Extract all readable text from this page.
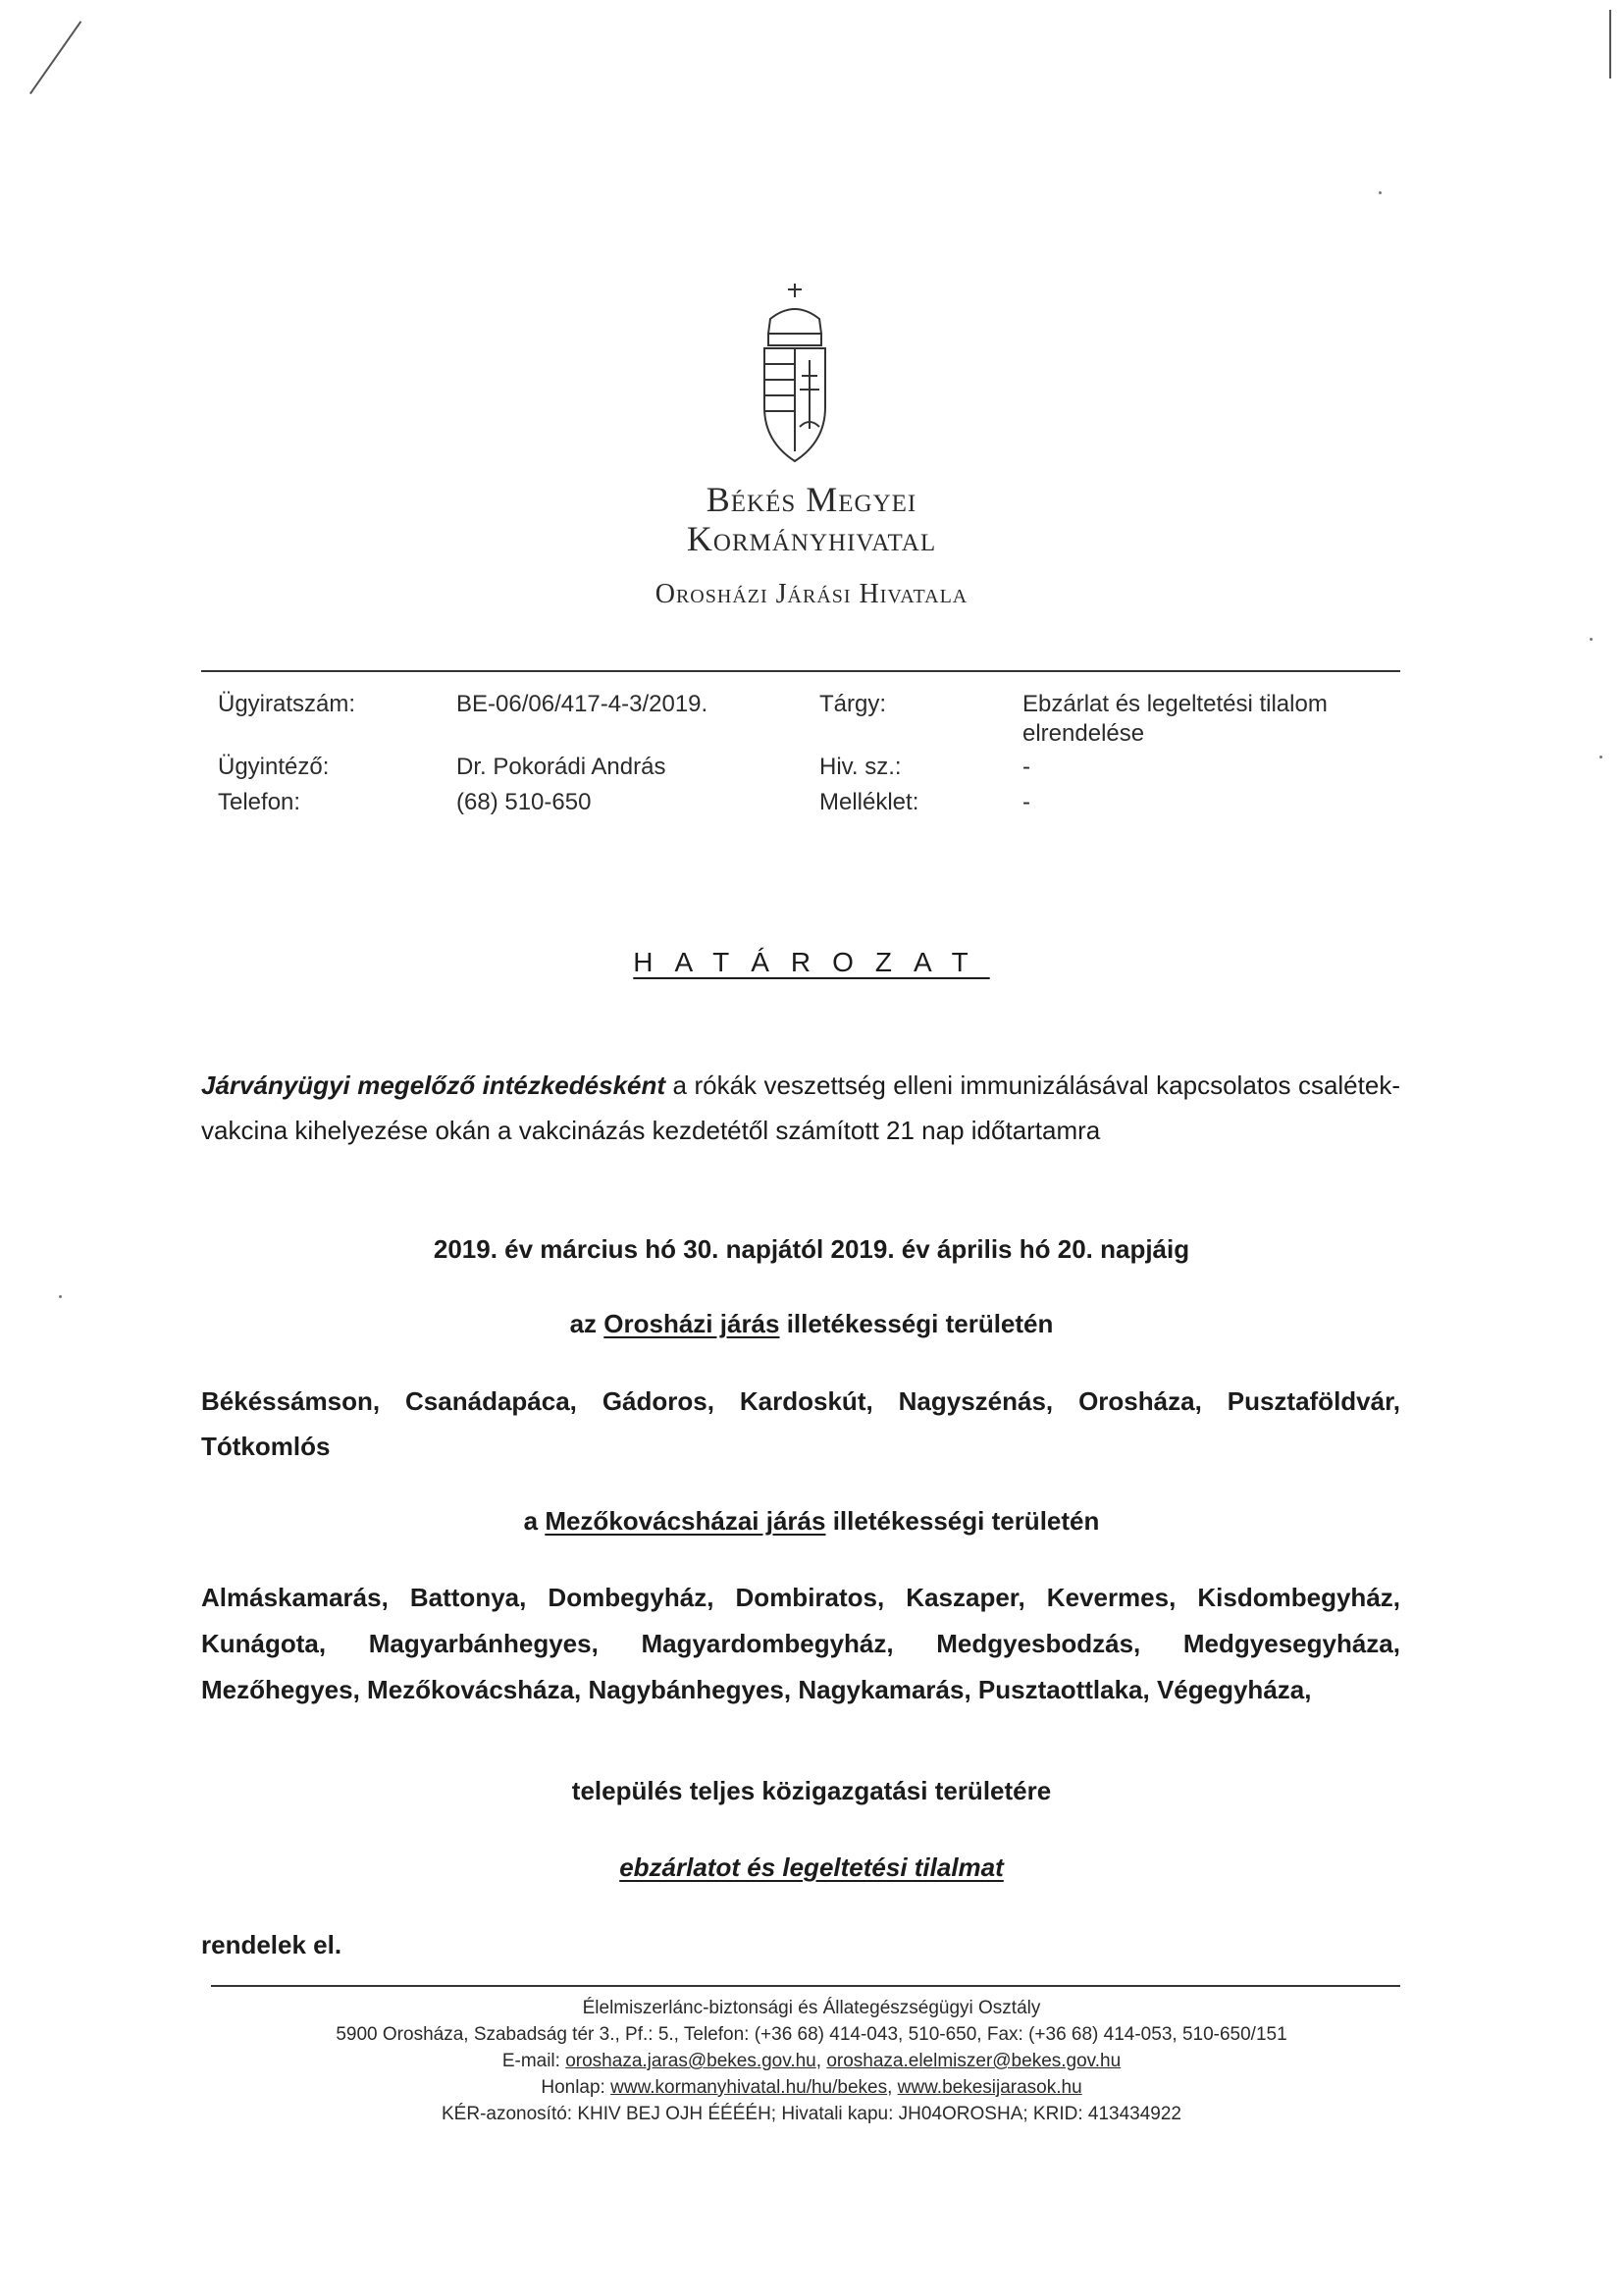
Békés Megyei
Kormányhivatal
Orosházi Járási Hivatala
Ügyiratszám:	BE-06/06/417-4-3/2019.	Tárgy:	Ebzárlat és legeltetési tilalom elrendelése
Ügyintéző:	Dr. Pokorádi András	Hiv. sz.:	-
Telefon:	(68) 510-650	Melléklet:	-
HATÁROZAT
Járványügyi megelőző intézkedésként a rókák veszettség elleni immunizálásával kapcsolatos csalétek-vakcina kihelyezése okán a vakcinázás kezdetétől számított 21 nap időtartamra
2019. év március hó 30. napjától 2019. év április hó 20. napjáig
az Orosházi járás illetékességi területén
Békéssámson, Csanádapáca, Gádoros, Kardoskút, Nagyszénás, Orosháza, Pusztaföldvár,
Tótkomlós
a Mezőkovácsházai járás illetékességi területén
Almáskamarás, Battonya, Dombegyház, Dombiratos, Kaszaper, Kevermes, Kisdombegyház,
Kunágota, Magyarbánhegyes, Magyardombegyház, Medgyesbodzás, Medgyesegyháza,
Mezőhegyes, Mezőkovácsháza, Nagybánhegyes, Nagykamarás, Pusztaottlaka, Végegyháza,
település teljes közigazgatási területére
ebzárlatot és legeltetési tilalmat
rendelek el.
Élelmiszerlánc-biztonsági és Állategészségügyi Osztály
5900 Orosháza, Szabadság tér 3., Pf.: 5., Telefon: (+36 68) 414-043, 510-650, Fax: (+36 68) 414-053, 510-650/151
E-mail: oroshaza.jaras@bekes.gov.hu, oroshaza.elelmiszer@bekes.gov.hu
Honlap: www.kormanyhivatal.hu/hu/bekes, www.bekesijarasok.hu
KÉR-azonosító: KHIV BEJ OJH ÉÉÉÉH; Hivatali kapu: JH04OROSHA; KRID: 413434922
